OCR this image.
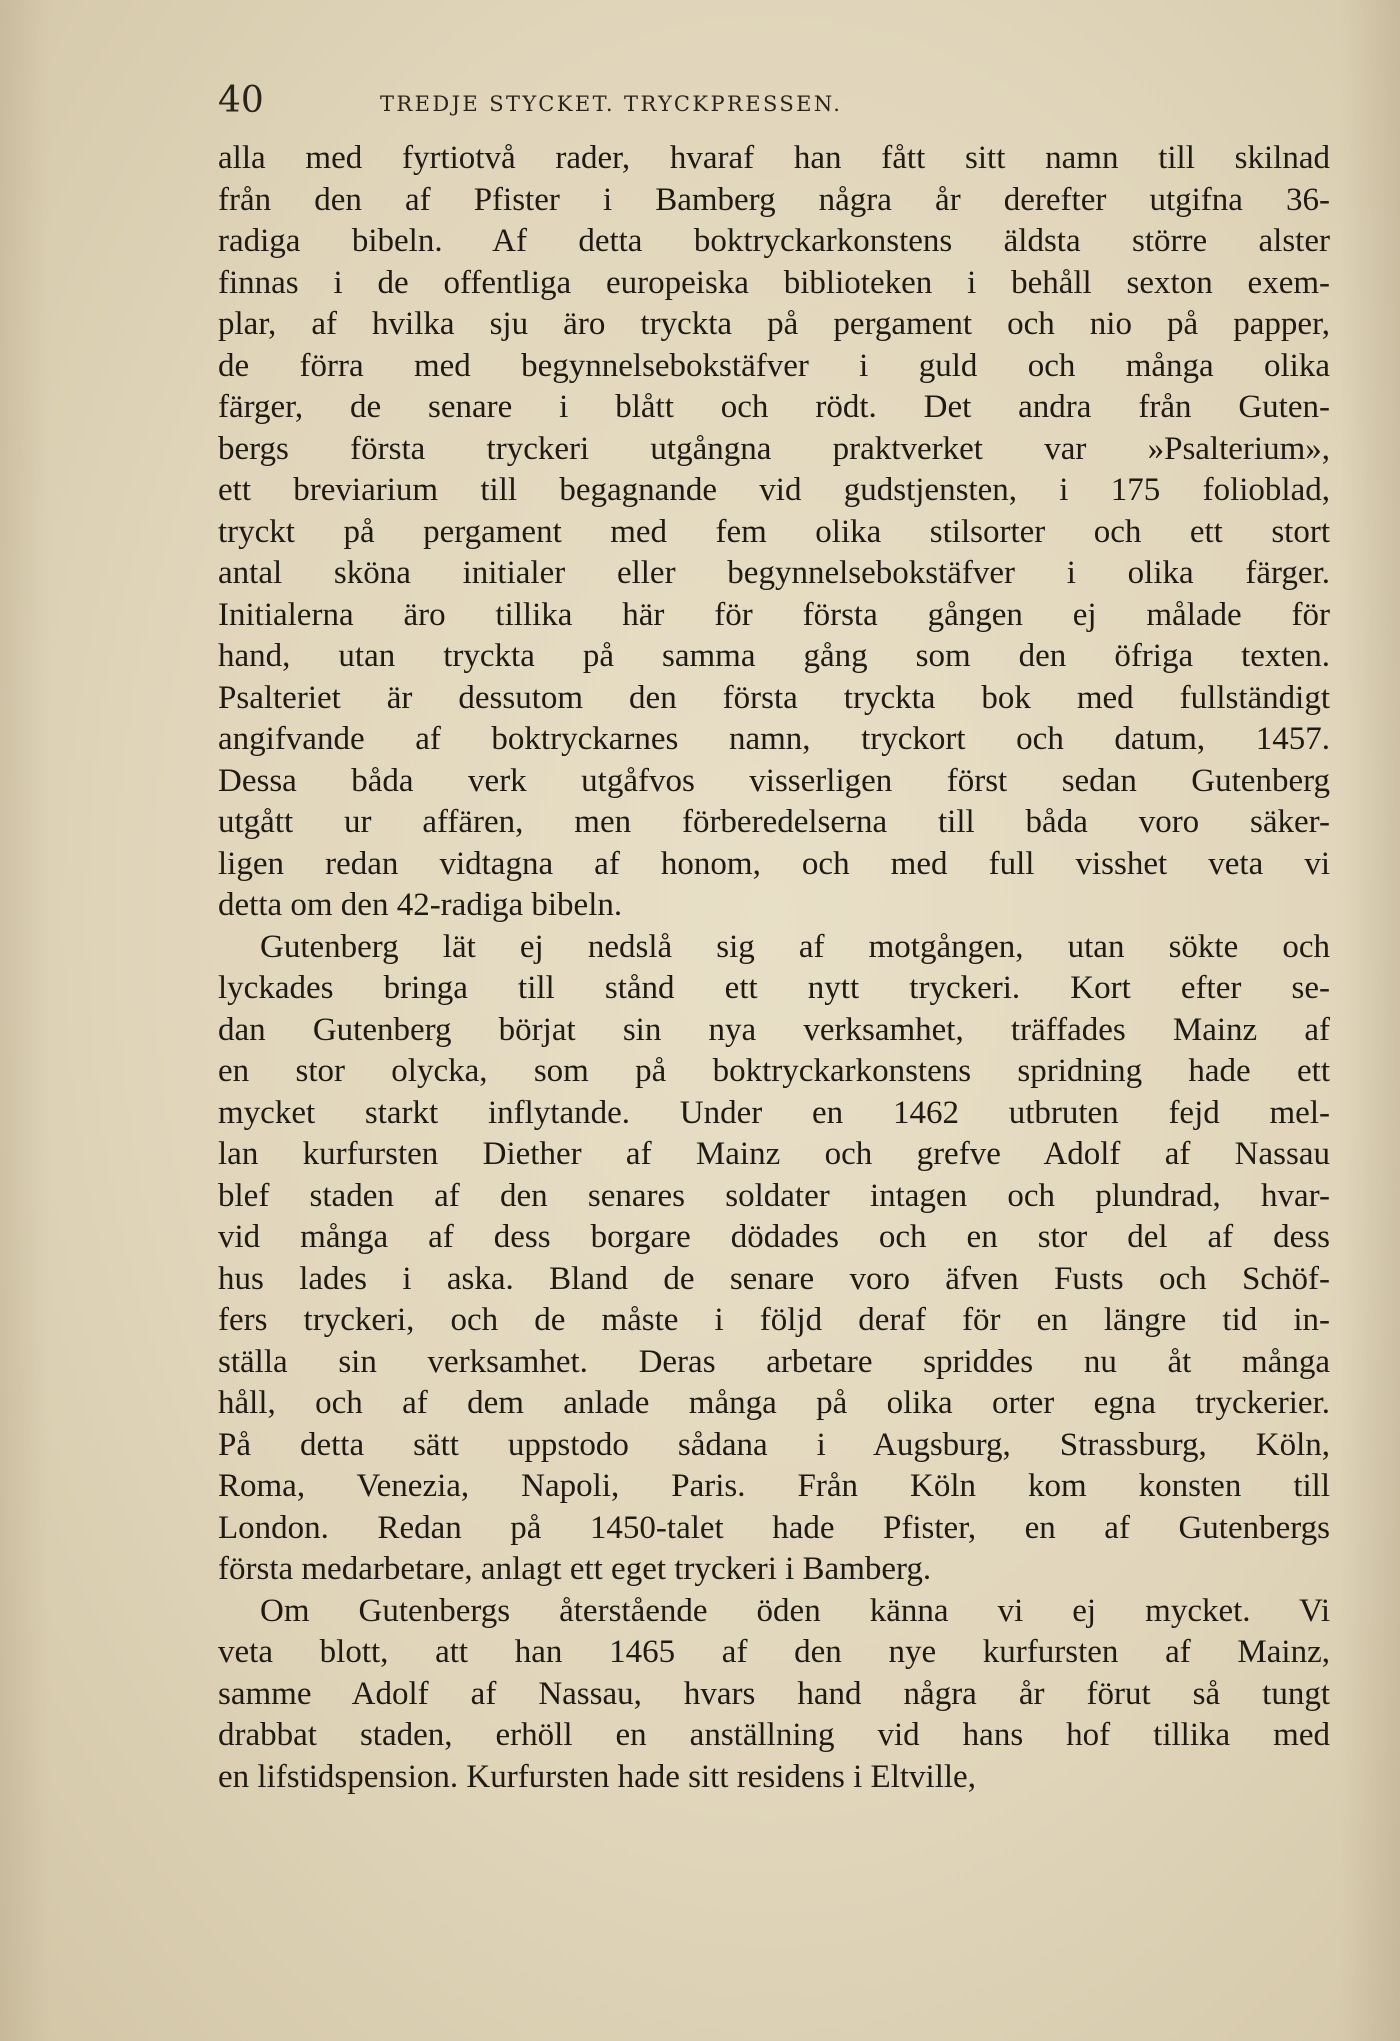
40	TREDJE STYCKET. TRYCKPRESSEN.
alla med fyrtiotvå rader, hvaraf han fått sitt namn till skilnad
från den af Pfister i Bamberg några år derefter utgifna 36-
radiga bibeln. Af detta boktryckarkonstens äldsta större alster
finnas i de offentliga europeiska biblioteken i behåll sexton exem-
plar, af hvilka sju äro tryckta på pergament och nio på papper,
de förra med begynnelsebokstäfver i guld och många olika
färger, de senare i blått och rödt. Det andra från Guten-
bergs första tryckeri utgångna praktverket var »Psalterium»,
ett breviarium till begagnande vid gudstjensten, i 175 folioblad,
tryckt på pergament med fem olika stilsorter och ett stort
antal sköna initialer eller begynnelsebokstäfver i olika färger.
Initialerna äro tillika här för första gången ej målade för
hand, utan tryckta på samma gång som den öfriga texten.
Psalteriet är dessutom den första tryckta bok med fullständigt
angifvande af boktryckarnes namn, tryckort och datum, 1457.
Dessa båda verk utgåfvos visserligen först sedan Gutenberg
utgått ur affären, men förberedelserna till båda voro säker-
ligen redan vidtagna af honom, och med full visshet veta vi
detta om den 42-radiga bibeln.
Gutenberg lät ej nedslå sig af motgången, utan sökte och
lyckades bringa till stånd ett nytt tryckeri. Kort efter se-
dan Gutenberg börjat sin nya verksamhet, träffades Mainz af
en stor olycka, som på boktryckarkonstens spridning hade ett
mycket starkt inflytande. Under en 1462 utbruten fejd mel-
lan kurfursten Diether af Mainz och grefve Adolf af Nassau
blef staden af den senares soldater intagen och plundrad, hvar-
vid många af dess borgare dödades och en stor del af dess
hus lades i aska. Bland de senare voro äfven Fusts och Schöf-
fers tryckeri, och de måste i följd deraf för en längre tid in-
ställa sin verksamhet. Deras arbetare spriddes nu åt många
håll, och af dem anlade många på olika orter egna tryckerier.
På detta sätt uppstodo sådana i Augsburg, Strassburg, Köln,
Roma, Venezia, Napoli, Paris. Från Köln kom konsten till
London. Redan på 1450-talet hade Pfister, en af Gutenbergs
första medarbetare, anlagt ett eget tryckeri i Bamberg.
Om Gutenbergs återstående öden känna vi ej mycket. Vi
veta blott, att han 1465 af den nye kurfursten af Mainz,
samme Adolf af Nassau, hvars hand några år förut så tungt
drabbat staden, erhöll en anställning vid hans hof tillika med
en lifstidspension. Kurfursten hade sitt residens i Eltville,
